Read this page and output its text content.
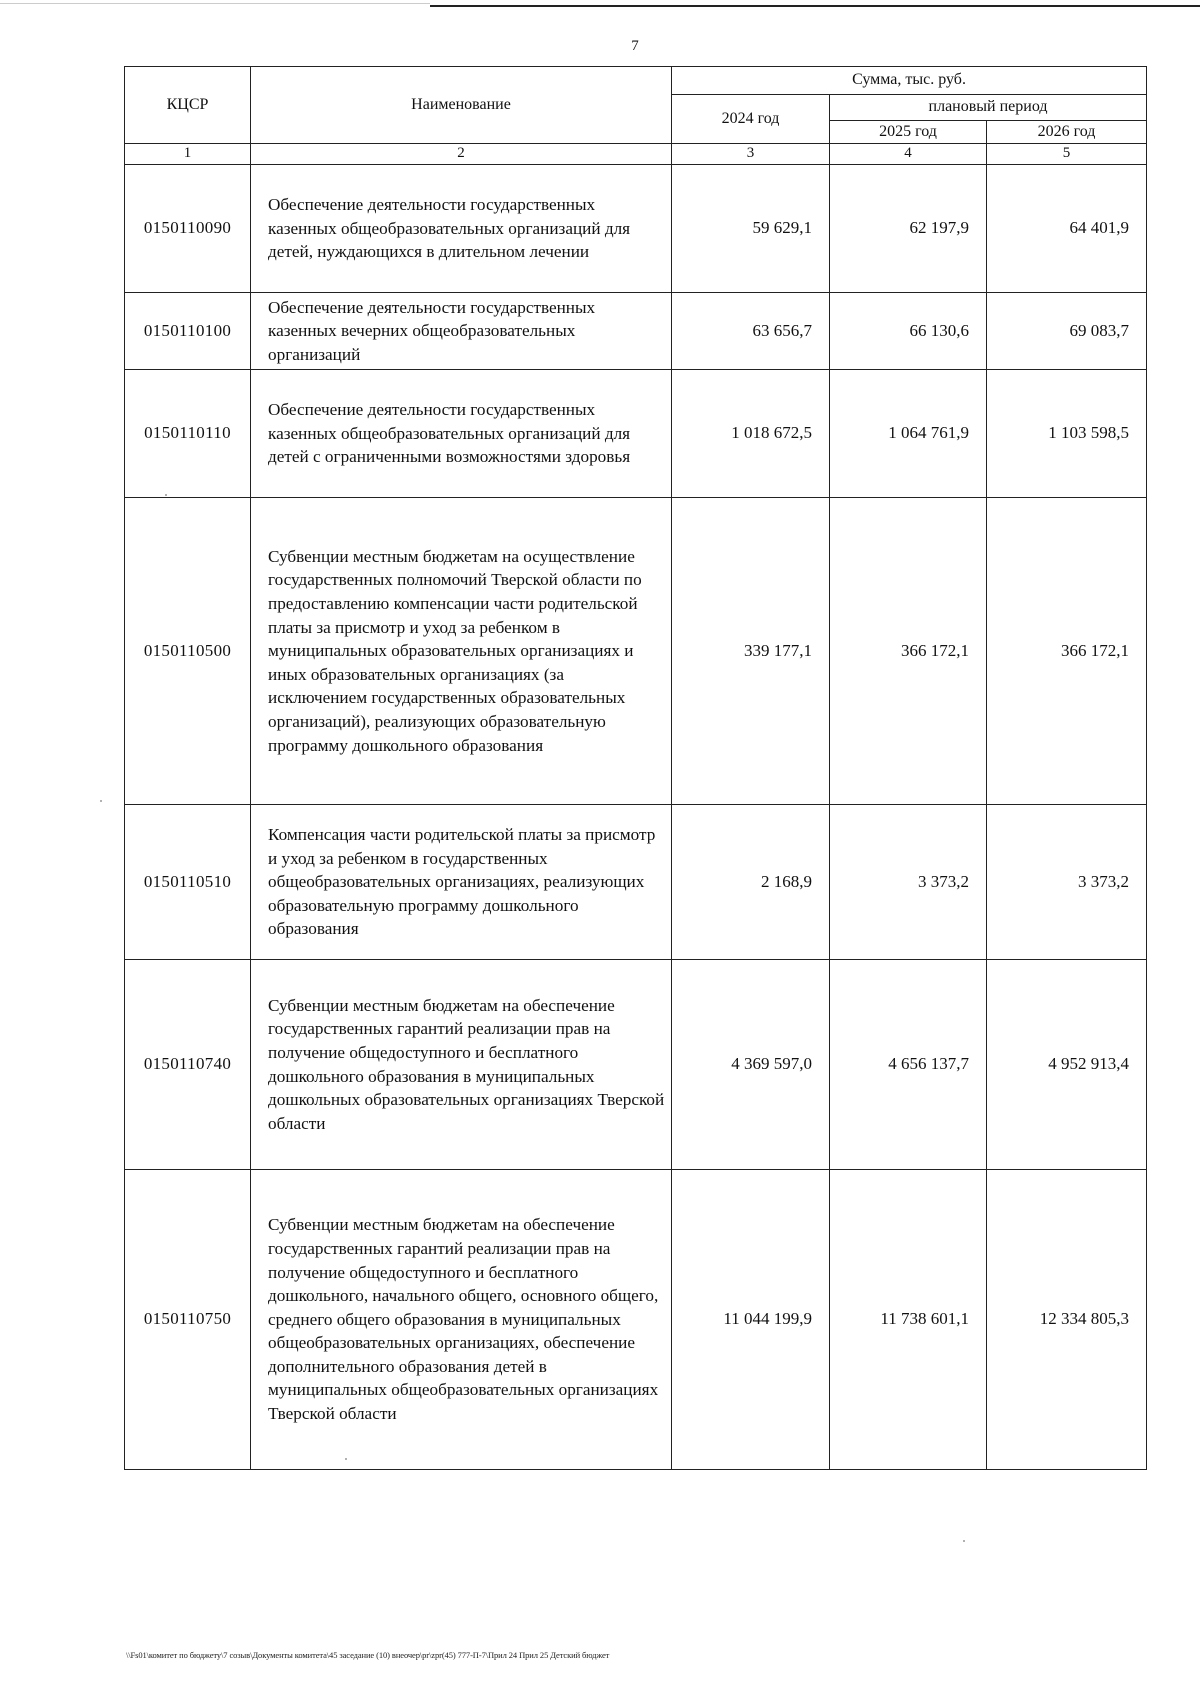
7
КЦСР	Наименование	Сумма, тыс. руб.		
		2024 год	плановый период	
			2025 год	2026 год
1	2	3	4	5
0150110090	Обеспечение деятельности государственных казенных общеобразовательных организаций для детей, нуждающихся в длительном лечении	59 629,1	62 197,9	64 401,9
0150110100	Обеспечение деятельности государственных казенных вечерних общеобразовательных организаций	63 656,7	66 130,6	69 083,7
0150110110	Обеспечение деятельности государственных казенных общеобразовательных организаций для детей с ограниченными возможностями здоровья	1 018 672,5	1 064 761,9	1 103 598,5
0150110500	Субвенции местным бюджетам на осуществление государственных полномочий Тверской области по предоставлению компенсации части родительской платы за присмотр и уход за ребенком в муниципальных образовательных организациях и иных образовательных организациях (за исключением государственных образовательных организаций), реализующих образовательную программу дошкольного образования	339 177,1	366 172,1	366 172,1
0150110510	Компенсация части родительской платы за присмотр и уход за ребенком в государственных общеобразовательных организациях, реализующих образовательную программу дошкольного образования	2 168,9	3 373,2	3 373,2
0150110740	Субвенции местным бюджетам на обеспечение государственных гарантий реализации прав на получение общедоступного и бесплатного дошкольного образования в муниципальных дошкольных образовательных организациях Тверской области	4 369 597,0	4 656 137,7	4 952 913,4
0150110750	Субвенции местным бюджетам на обеспечение государственных гарантий реализации прав на получение общедоступного и бесплатного дошкольного, начального общего, основного общего, среднего общего образования в муниципальных общеобразовательных организациях, обеспечение дополнительного образования детей в муниципальных общеобразовательных организациях Тверской области	11 044 199,9	11 738 601,1	12 334 805,3
\\Fs01\комитет по бюджету\7 созыв\Документы комитета\45 заседание (10) внеочер\pr\zpr(45) 777-П-7\Прил 24 Прил 25 Детский бюджет
